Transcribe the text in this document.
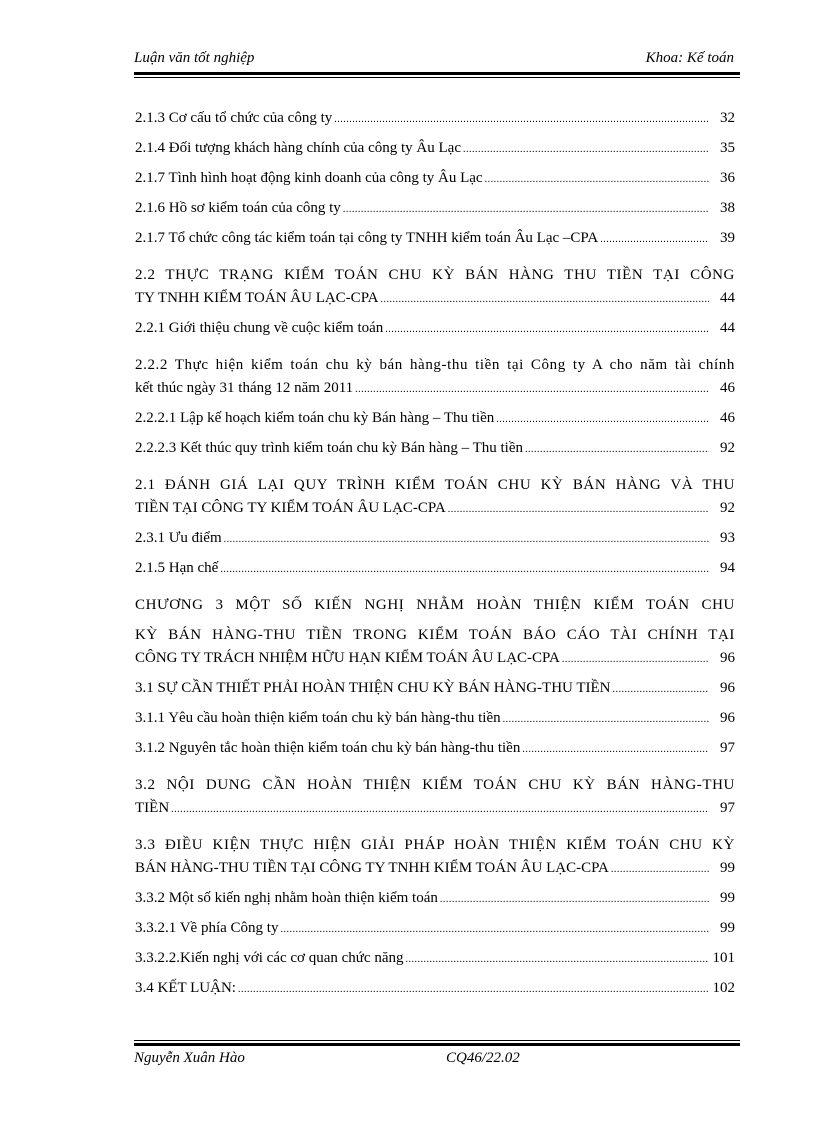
Luận văn tốt nghiệp	Khoa: Kế toán
2.1.3 Cơ cấu tổ chức của công ty .....	32
2.1.4 Đối tượng khách hàng chính của công ty Âu Lạc .....	35
2.1.7 Tình hình hoạt động kinh doanh của công ty Âu Lạc .....	36
2.1.6 Hồ sơ kiểm toán của công ty .....	38
2.1.7 Tổ chức công tác kiểm toán tại công ty TNHH kiểm toán Âu Lạc –CPA .....	39
2.2 THỰC TRẠNG KIỂM TOÁN CHU KỲ BÁN HÀNG THU TIỀN TẠI CÔNG
TY TNHH KIỂM TOÁN ÂU LẠC-CPA .....	44
2.2.1 Giới thiệu chung về cuộc kiểm toán .....	44
2.2.2 Thực hiện kiểm toán chu kỳ bán hàng-thu tiền tại Công ty A cho năm tài chính
kết thúc ngày 31 tháng 12 năm 2011 .....	46
2.2.2.1 Lập kế hoạch kiểm toán chu kỳ Bán hàng – Thu tiền .....	46
2.2.2.3 Kết thúc quy trình kiểm toán chu kỳ Bán hàng – Thu tiền .....	92
2.1 ĐÁNH GIÁ LẠI QUY TRÌNH KIỂM TOÁN CHU KỲ BÁN HÀNG VÀ THU
TIỀN TẠI CÔNG TY KIỂM TOÁN ÂU LẠC-CPA .....	92
2.3.1 Ưu điểm .....	93
2.1.5 Hạn chế .....	94
CHƯƠNG 3 MỘT SỐ KIẾN NGHỊ NHẰM HOÀN THIỆN KIỂM TOÁN CHU
KỲ BÁN HÀNG-THU TIỀN TRONG KIỂM TOÁN BÁO CÁO TÀI CHÍNH TẠI
CÔNG TY TRÁCH NHIỆM HỮU HẠN KIỂM TOÁN ÂU LẠC-CPA .....	96
3.1 SỰ CẦN THIẾT PHẢI HOÀN THIỆN CHU KỲ BÁN HÀNG-THU TIỀN .....	96
3.1.1 Yêu cầu hoàn thiện kiểm toán chu kỳ bán hàng-thu tiền .....	96
3.1.2 Nguyên tắc hoàn thiện kiểm toán chu kỳ bán hàng-thu tiền .....	97
3.2 NỘI DUNG CẦN HOÀN THIỆN KIỂM TOÁN CHU KỲ BÁN HÀNG-THU
TIỀN .....	97
3.3 ĐIỀU KIỆN THỰC HIỆN GIẢI PHÁP HOÀN THIỆN KIỂM TOÁN CHU KỲ
BÁN HÀNG-THU TIỀN TẠI CÔNG TY TNHH KIỂM TOÁN ÂU LẠC-CPA .....	99
3.3.2 Một số kiến nghị nhằm hoàn thiện kiểm toán .....	99
3.3.2.1 Về phía Công ty .....	99
3.3.2.2.Kiến nghị với các cơ quan chức năng .....	101
3.4 KẾT LUẬN: .....	102
Nguyễn Xuân Hào	CQ46/22.02
